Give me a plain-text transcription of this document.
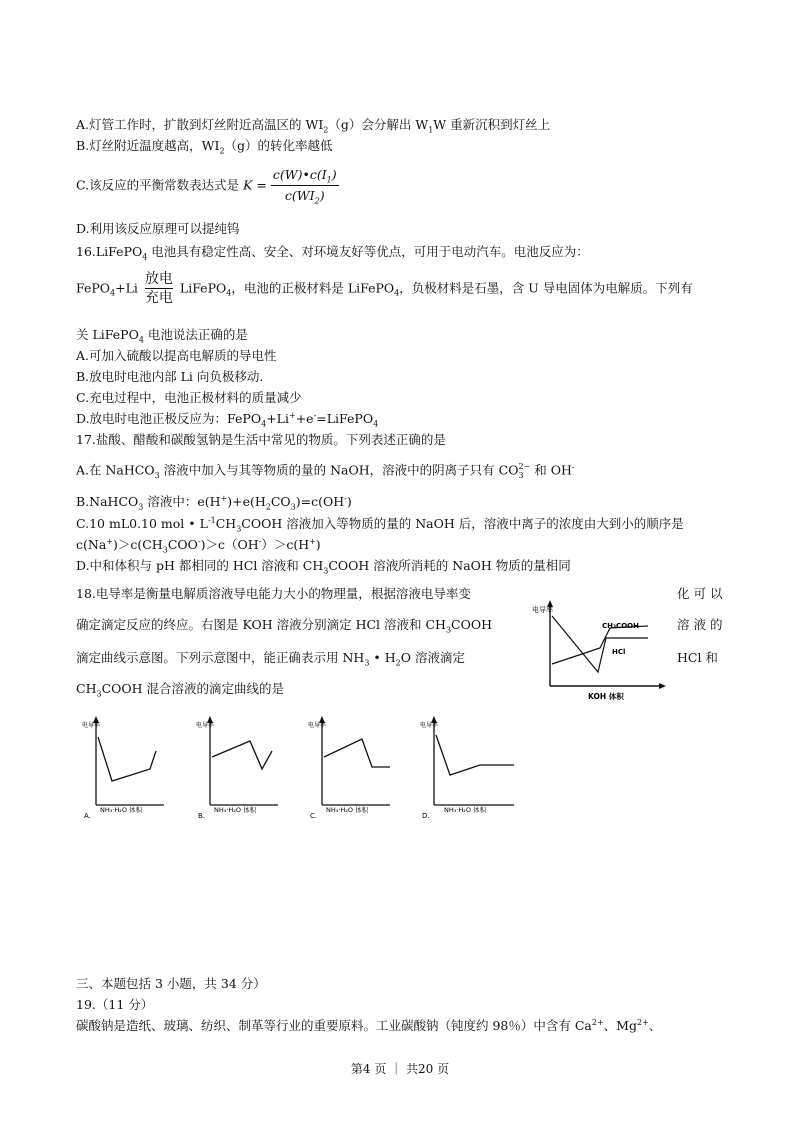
A.灯管工作时，扩散到灯丝附近高温区的 $WI_2(g)$会分解出 $W_1W$ 重新沉积到灯丝上
B.灯丝附近温度越高，$WI_2(g)$的转化率越低
C.该反应的平衡常数表达式是 $K = \frac{c(W)•c(I_1)}{c(WI_2)}$
D.利用该反应原理可以提纯钨
16.LiFePO$_4$ 电池具有稳定性高、安全、对环境友好等优点，可用于电动汽车。电池反应为：
FePO$_4$+Li
放电
充电
LiFePO$_4$，电池的正极材料是 LiFePO$_4$，负极材料是石墨，含 U 导电固体为电解质。下列有
关 LiFePO$_4$ 电池说法正确的是
A.可加入硫酸以提高电解质的导电性
B.放电时电池内部 Li 向负极移动.
C.充电过程中，电池正极材料的质量减少
D.放电时电池正极反应为：FePO$_4$+Li++e-=LiFePO$_4$
17.盐酸、醋酸和碳酸氢钠是生活中常见的物质。下列表述正确的是
A.在 NaHCO$_3$ 溶液中加入与其等物质的量的 NaOH，溶液中的阴离子只有 CO 2−
3 和 OH-
B.NaHCO$_3$ 溶液中：$e(H^+)+e(H_2CO_3)=c(OH^-)$
C.10 mL0.10 mol • $L^{-1}CH_3COOH$ 溶液加入等物质的量的 NaOH 后，溶液中离子的浓度由大到小的顺序是
$c(Na^+)>c(CH_3COO^-)>c(OH^-)>c(H^+)$
D.中和体积与 pH 都相同的 HCl 溶液和 $CH_3COOH$ 溶液所消耗的 NaOH 物质的量相同
18.电导率是衡量电解质溶液导电能力大小的物理量，根据溶液电导率变	化 可 以
确定滴定反应的终应。右图是 KOH 溶液分别滴定 HCl 溶液和 $CH_3COOH$	溶 液 的
滴定曲线示意图。下列示意图中，能正确表示用 $NH_3$ • $H_2O$ 溶液滴定	HCl 和
$CH_3COOH$ 混合溶液的滴定曲线的是
电导率
CH₃COOH
HCl
KOH 体积
电导率
A.
NH₃·H₂O 体积
电导率
B.
NH₃·H₂O 体积
电导率
C.
NH₃·H₂O 体积
电导率
D.
NH₃·H₂O 体积
三、本题包括 3 小题，共 34 分）
19.（11 分）
碳酸钠是造纸、玻璃、纺织、制革等行业的重要原料。工业碳酸钠（钝度约 98％）中含有 $Ca^{2+}$、$Mg^{2+}$、
第4 页 ｜ 共20 页
